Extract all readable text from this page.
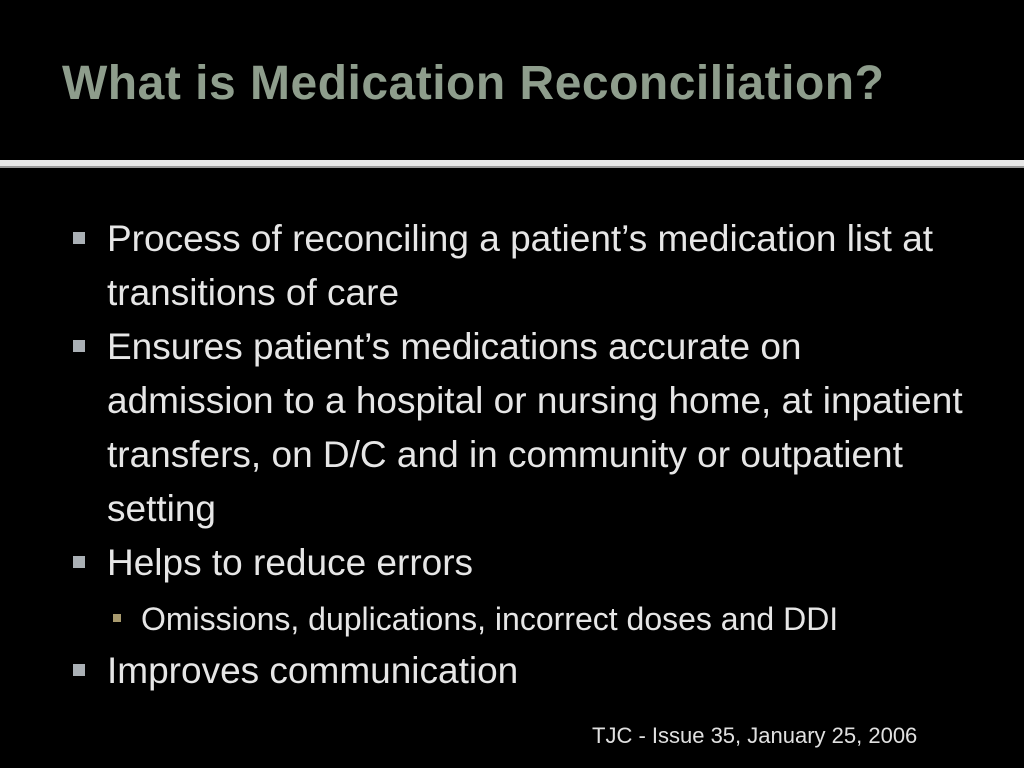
What is Medication Reconciliation?
Process of reconciling a patient’s medication list at transitions of care
Ensures patient’s medications accurate on admission to a hospital or nursing home, at inpatient transfers, on D/C and in community or outpatient setting
Helps to reduce errors
Omissions, duplications, incorrect doses and DDI
Improves communication
TJC - Issue 35, January 25, 2006
